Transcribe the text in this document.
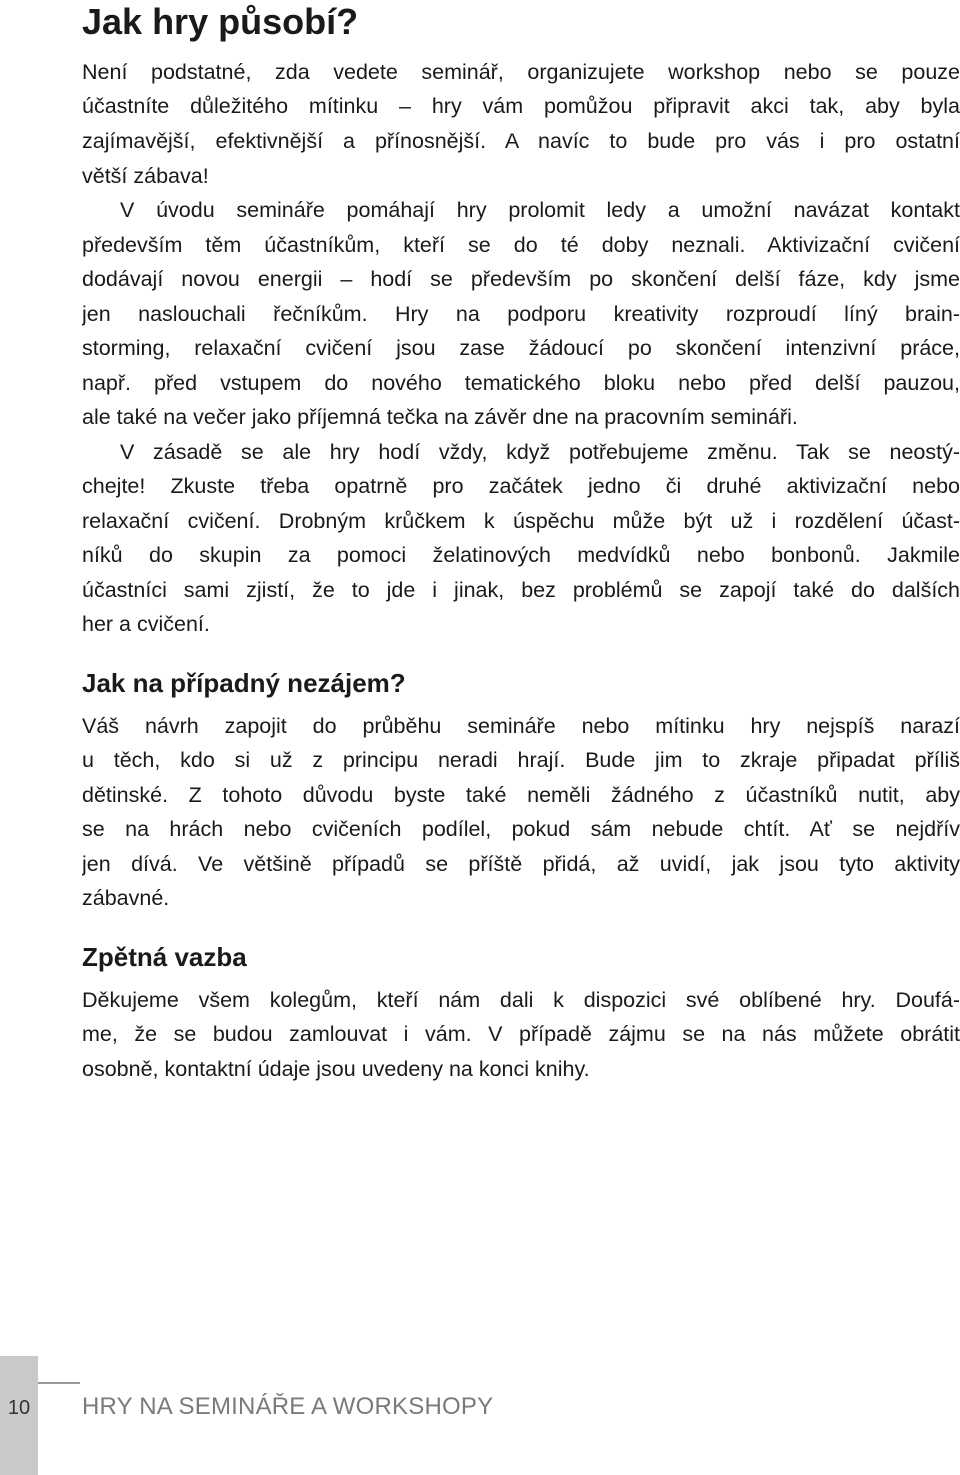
Jak hry působí?
Není podstatné, zda vedete seminář, organizujete workshop nebo se pouze
účastníte důležitého mítinku – hry vám pomůžou připravit akci tak, aby byla
zajímavější, efektivnější a přínosnější. A navíc to bude pro vás i pro ostatní
větší zábava!
V úvodu semináře pomáhají hry prolomit ledy a umožní navázat kontakt
především těm účastníkům, kteří se do té doby neznali. Aktivizační cvičení
dodávají novou energii – hodí se především po skončení delší fáze, kdy jsme
jen naslouchali řečníkům. Hry na podporu kreativity rozproudí líný brain-
storming, relaxační cvičení jsou zase žádoucí po skončení intenzivní práce,
např. před vstupem do nového tematického bloku nebo před delší pauzou,
ale také na večer jako příjemná tečka na závěr dne na pracovním semináři.
V zásadě se ale hry hodí vždy, když potřebujeme změnu. Tak se neostý-
chejte! Zkuste třeba opatrně pro začátek jedno či druhé aktivizační nebo
relaxační cvičení. Drobným krůčkem k úspěchu může být už i rozdělení účast-
níků do skupin za pomoci želatinových medvídků nebo bonbonů. Jakmile
účastníci sami zjistí, že to jde i jinak, bez problémů se zapojí také do dalších
her a cvičení.
Jak na případný nezájem?
Váš návrh zapojit do průběhu semináře nebo mítinku hry nejspíš narazí
u těch, kdo si už z principu neradi hrají. Bude jim to zkraje připadat příliš
dětinské. Z tohoto důvodu byste také neměli žádného z účastníků nutit, aby
se na hrách nebo cvičeních podílel, pokud sám nebude chtít. Ať se nejdřív
jen dívá. Ve většině případů se příště přidá, až uvidí, jak jsou tyto aktivity
zábavné.
Zpětná vazba
Děkujeme všem kolegům, kteří nám dali k dispozici své oblíbené hry. Doufá-
me, že se budou zamlouvat i vám. V případě zájmu se na nás můžete obrátit
osobně, kontaktní údaje jsou uvedeny na konci knihy.
10	HRY NA SEMINÁŘE A WORKSHOPY
